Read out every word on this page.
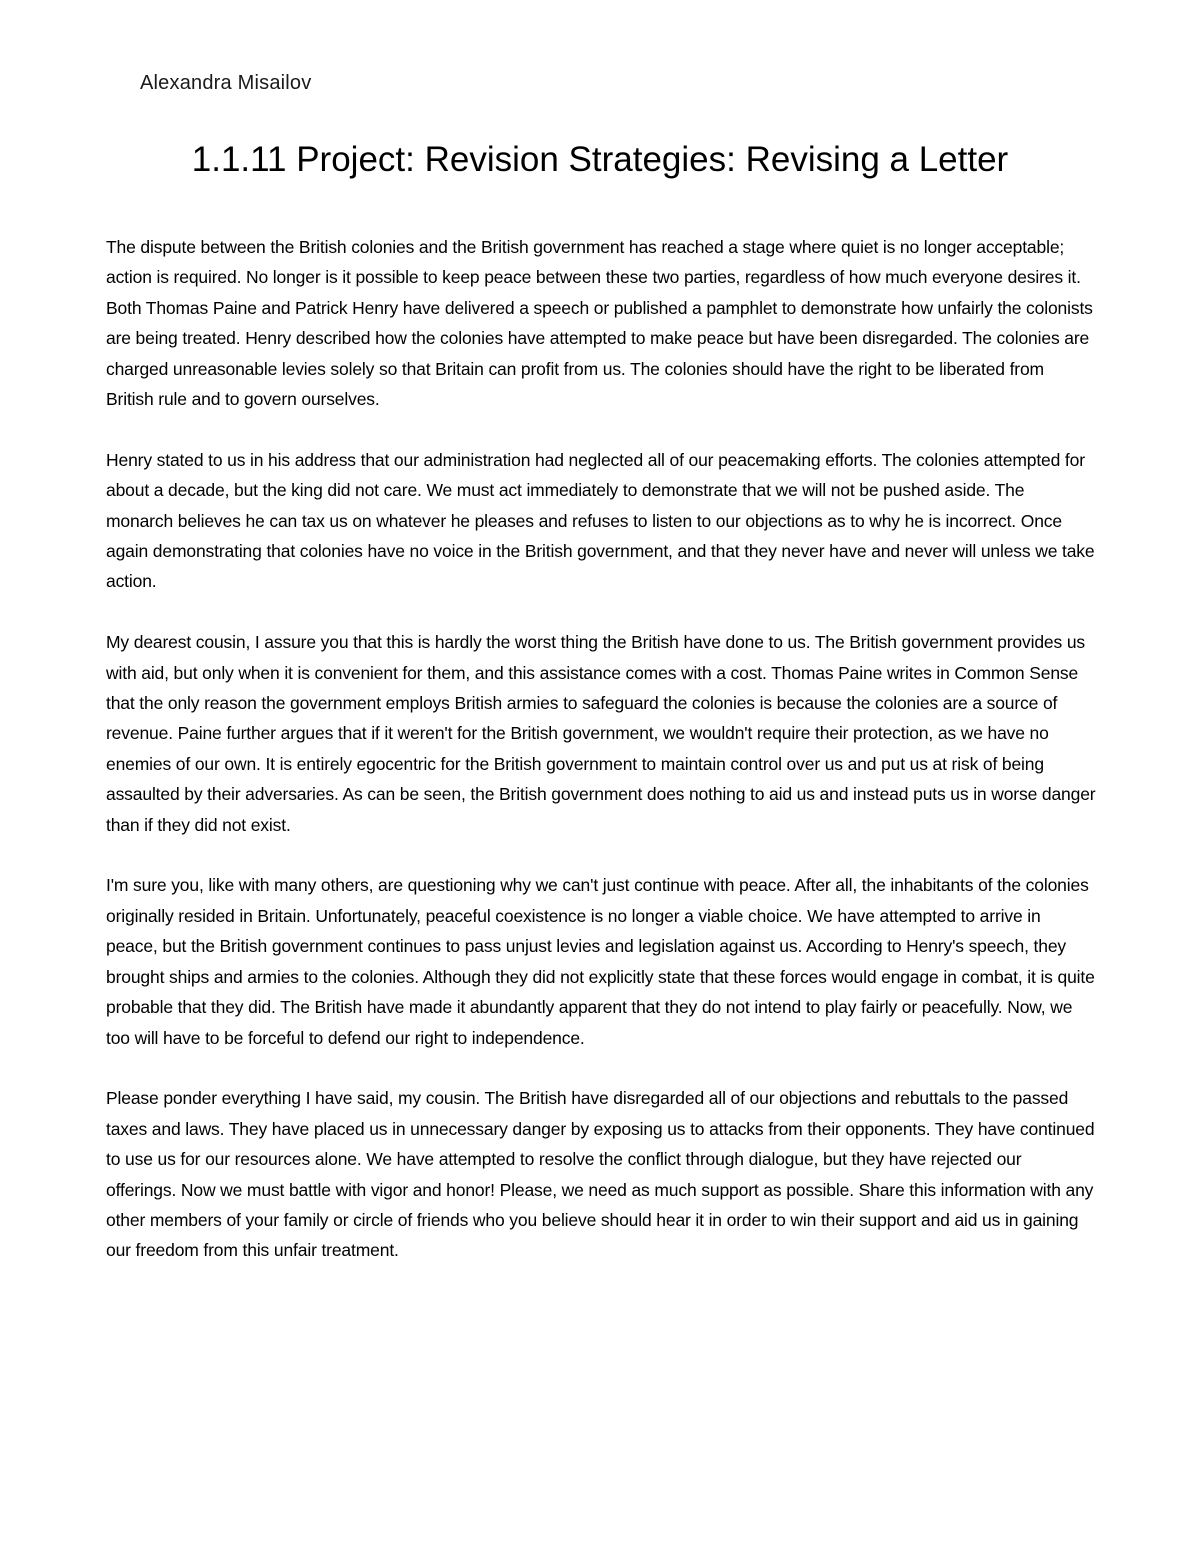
Alexandra Misailov

1.1.11 Project: Revision Strategies: Revising a Letter

The dispute between the British colonies and the British government has reached a stage where quiet is no longer acceptable; action is required. No longer is it possible to keep peace between these two parties, regardless of how much everyone desires it. Both Thomas Paine and Patrick Henry have delivered a speech or published a pamphlet to demonstrate how unfairly the colonists are being treated. Henry described how the colonies have attempted to make peace but have been disregarded. The colonies are charged unreasonable levies solely so that Britain can profit from us. The colonies should have the right to be liberated from British rule and to govern ourselves.

Henry stated to us in his address that our administration had neglected all of our peacemaking efforts. The colonies attempted for about a decade, but the king did not care. We must act immediately to demonstrate that we will not be pushed aside. The monarch believes he can tax us on whatever he pleases and refuses to listen to our objections as to why he is incorrect. Once again demonstrating that colonies have no voice in the British government, and that they never have and never will unless we take action.

My dearest cousin, I assure you that this is hardly the worst thing the British have done to us. The British government provides us with aid, but only when it is convenient for them, and this assistance comes with a cost. Thomas Paine writes in Common Sense that the only reason the government employs British armies to safeguard the colonies is because the colonies are a source of revenue. Paine further argues that if it weren't for the British government, we wouldn't require their protection, as we have no enemies of our own. It is entirely egocentric for the British government to maintain control over us and put us at risk of being assaulted by their adversaries. As can be seen, the British government does nothing to aid us and instead puts us in worse danger than if they did not exist.

I'm sure you, like with many others, are questioning why we can't just continue with peace. After all, the inhabitants of the colonies originally resided in Britain. Unfortunately, peaceful coexistence is no longer a viable choice. We have attempted to arrive in peace, but the British government continues to pass unjust levies and legislation against us. According to Henry's speech, they brought ships and armies to the colonies. Although they did not explicitly state that these forces would engage in combat, it is quite probable that they did. The British have made it abundantly apparent that they do not intend to play fairly or peacefully. Now, we too will have to be forceful to defend our right to independence.

Please ponder everything I have said, my cousin. The British have disregarded all of our objections and rebuttals to the passed taxes and laws. They have placed us in unnecessary danger by exposing us to attacks from their opponents. They have continued to use us for our resources alone. We have attempted to resolve the conflict through dialogue, but they have rejected our offerings. Now we must battle with vigor and honor! Please, we need as much support as possible. Share this information with any other members of your family or circle of friends who you believe should hear it in order to win their support and aid us in gaining our freedom from this unfair treatment.
